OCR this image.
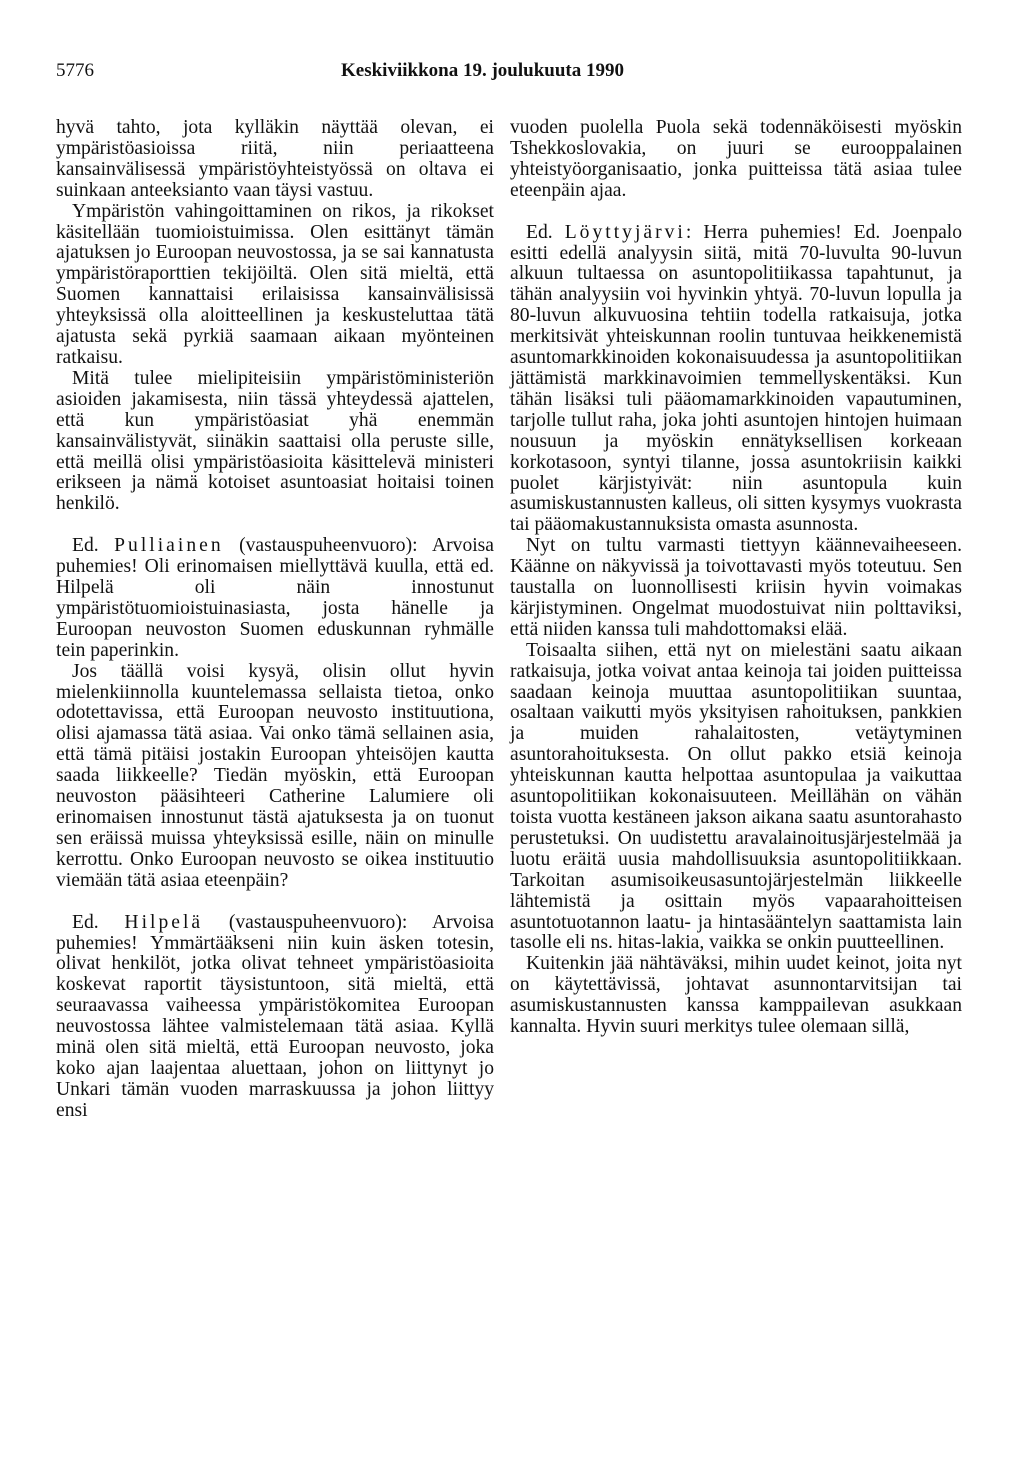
5776	Keskiviikkona 19. joulukuuta 1990

hyvä tahto, jota kylläkin näyttää olevan, ei ympäristöasioissa riitä, niin periaatteena kansainvälisessä ympäristöyhteistyössä on oltava ei suinkaan anteeksianto vaan täysi vastuu.

Ympäristön vahingoittaminen on rikos, ja rikokset käsitellään tuomioistuimissa. Olen esittänyt tämän ajatuksen jo Euroopan neuvostossa, ja se sai kannatusta ympäristöraporttien tekijöiltä. Olen sitä mieltä, että Suomen kannattaisi erilaisissa kansainvälisissä yhteyksissä olla aloitteellinen ja keskusteluttaa tätä ajatusta sekä pyrkiä saamaan aikaan myönteinen ratkaisu.

Mitä tulee mielipiteisiin ympäristöministeriön asioiden jakamisesta, niin tässä yhteydessä ajattelen, että kun ympäristöasiat yhä enemmän kansainvälistyvät, siinäkin saattaisi olla peruste sille, että meillä olisi ympäristöasioita käsittelevä ministeri erikseen ja nämä kotoiset asuntoasiat hoitaisi toinen henkilö.

Ed. Pulliainen (vastauspuheenvuoro): Arvoisa puhemies! Oli erinomaisen miellyttävä kuulla, että ed. Hilpelä oli näin innostunut ympäristötuomioistuinasiasta, josta hänelle ja Euroopan neuvoston Suomen eduskunnan ryhmälle tein paperinkin.

Jos täällä voisi kysyä, olisin ollut hyvin mielenkiinnolla kuuntelemassa sellaista tietoa, onko odotettavissa, että Euroopan neuvosto instituutiona, olisi ajamassa tätä asiaa. Vai onko tämä sellainen asia, että tämä pitäisi jostakin Euroopan yhteisöjen kautta saada liikkeelle? Tiedän myöskin, että Euroopan neuvoston pääsihteeri Catherine Lalumiere oli erinomaisen innostunut tästä ajatuksesta ja on tuonut sen eräissä muissa yhteyksissä esille, näin on minulle kerrottu. Onko Euroopan neuvosto se oikea instituutio viemään tätä asiaa eteenpäin?

Ed. Hilpelä (vastauspuheenvuoro): Arvoisa puhemies! Ymmärtääkseni niin kuin äsken totesin, olivat henkilöt, jotka olivat tehneet ympäristöasioita koskevat raportit täysistuntoon, sitä mieltä, että seuraavassa vaiheessa ympäristökomitea Euroopan neuvostossa lähtee valmistelemaan tätä asiaa. Kyllä minä olen sitä mieltä, että Euroopan neuvosto, joka koko ajan laajentaa aluettaan, johon on liittynyt jo Unkari tämän vuoden marraskuussa ja johon liittyy ensi

vuoden puolella Puola sekä todennäköisesti myöskin Tshekkoslovakia, on juuri se eurooppalainen yhteistyöorganisaatio, jonka puitteissa tätä asiaa tulee eteenpäin ajaa.

Ed. Löyttyjärvi: Herra puhemies! Ed. Joenpalo esitti edellä analyysin siitä, mitä 70-luvulta 90-luvun alkuun tultaessa on asuntopolitiikassa tapahtunut, ja tähän analyysiin voi hyvinkin yhtyä. 70-luvun lopulla ja 80-luvun alkuvuosina tehtiin todella ratkaisuja, jotka merkitsivät yhteiskunnan roolin tuntuvaa heikkenemistä asuntomarkkinoiden kokonaisuudessa ja asuntopolitiikan jättämistä markkinavoimien temmellyskentäksi. Kun tähän lisäksi tuli pääomamarkkinoiden vapautuminen, tarjolle tullut raha, joka johti asuntojen hintojen huimaan nousuun ja myöskin ennätyksellisen korkeaan korkotasoon, syntyi tilanne, jossa asuntokriisin kaikki puolet kärjistyivät: niin asuntopula kuin asumiskustannusten kalleus, oli sitten kysymys vuokrasta tai pääomakustannuksista omasta asunnosta.

Nyt on tultu varmasti tiettyyn käännevaiheeseen. Käänne on näkyvissä ja toivottavasti myös toteutuu. Sen taustalla on luonnollisesti kriisin hyvin voimakas kärjistyminen. Ongelmat muodostuivat niin polttaviksi, että niiden kanssa tuli mahdottomaksi elää.

Toisaalta siihen, että nyt on mielestäni saatu aikaan ratkaisuja, jotka voivat antaa keinoja tai joiden puitteissa saadaan keinoja muuttaa asuntopolitiikan suuntaa, osaltaan vaikutti myös yksityisen rahoituksen, pankkien ja muiden rahalaitosten, vetäytyminen asuntorahoituksesta. On ollut pakko etsiä keinoja yhteiskunnan kautta helpottaa asuntopulaa ja vaikuttaa asuntopolitiikan kokonaisuuteen. Meillähän on vähän toista vuotta kestäneen jakson aikana saatu asuntorahasto perustetuksi. On uudistettu aravalainoitusjärjestelmää ja luotu eräitä uusia mahdollisuuksia asuntopolitiikkaan. Tarkoitan asumisoikeusasuntojärjestelmän liikkeelle lähtemistä ja osittain myös vapaarahoitteisen asuntotuotannon laatu- ja hintasääntelyn saattamista lain tasolle eli ns. hitas-lakia, vaikka se onkin puutteellinen.

Kuitenkin jää nähtäväksi, mihin uudet keinot, joita nyt on käytettävissä, johtavat asunnontarvitsijan tai asumiskustannusten kanssa kamppailevan asukkaan kannalta. Hyvin suuri merkitys tulee olemaan sillä,
